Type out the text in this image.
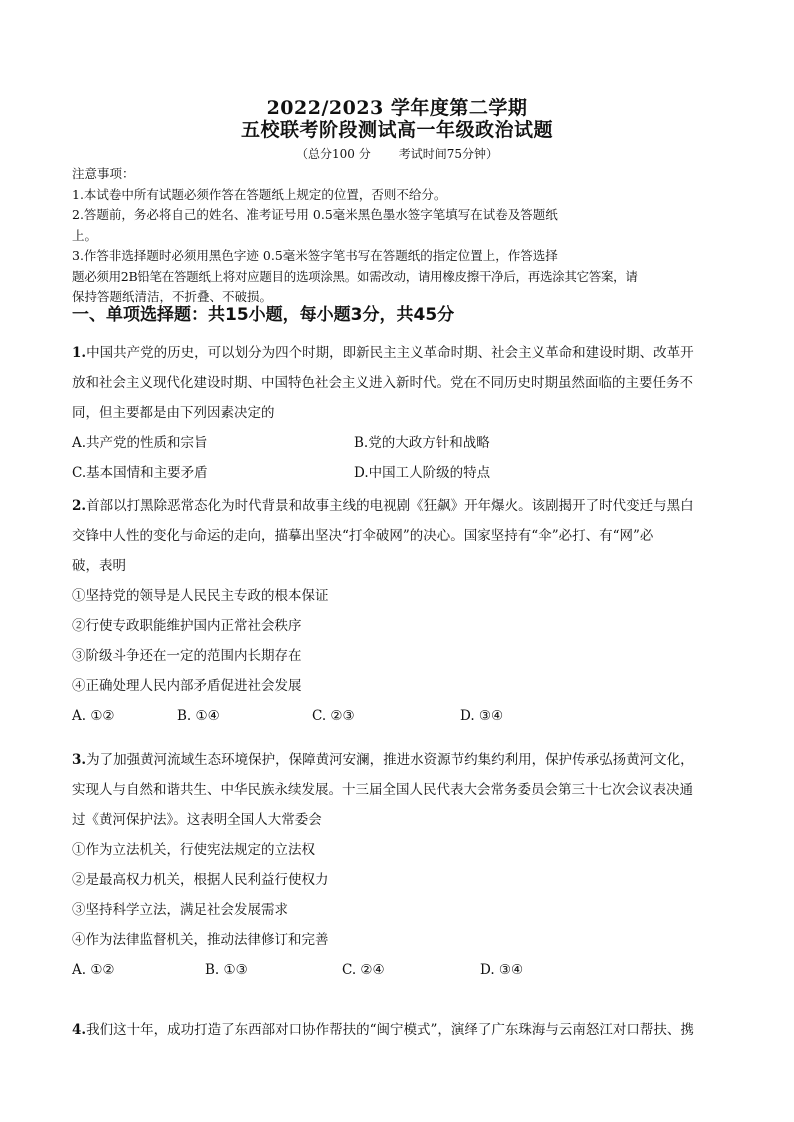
2022/2023 学年度第二学期
五校联考阶段测试高一年级政治试题
（总分100 分 考试时间75分钟）
注意事项：
1.本试卷中所有试题必须作答在答题纸上规定的位置，否则不给分。
2.答题前，务必将自己的姓名、准考证号用 0.5毫米黑色墨水签字笔填写在试卷及答题纸
上。
3.作答非选择题时必须用黑色字迹 0.5毫米签字笔书写在答题纸的指定位置上，作答选择
题必须用2B铅笔在答题纸上将对应题目的选项涂黑。如需改动，请用橡皮擦干净后，再选涂其它答案，请
保持答题纸清洁，不折叠、不破损。
一、单项选择题：共15小题，每小题3分，共45分
1.中国共产党的历史，可以划分为四个时期，即新民主主义革命时期、社会主义革命和建设时期、改革开
放和社会主义现代化建设时期、中国特色社会主义进入新时代。党在不同历史时期虽然面临的主要任务不
同，但主要都是由下列因素决定的
A.共产党的性质和宗旨	B.党的大政方针和战略
C.基本国情和主要矛盾	D.中国工人阶级的特点
2.首部以打黑除恶常态化为时代背景和故事主线的电视剧《狂飙》开年爆火。该剧揭开了时代变迁与黑白
交锋中人性的变化与命运的走向，描摹出坚决“打伞破网”的决心。国家坚持有“伞”必打、有“网”必
破，表明
①坚持党的领导是人民民主专政的根本保证
②行使专政职能维护国内正常社会秩序
③阶级斗争还在一定的范围内长期存在
④正确处理人民内部矛盾促进社会发展
A. ①②	B. ①④	C. ②③	D. ③④
3.为了加强黄河流域生态环境保护，保障黄河安澜，推进水资源节约集约利用，保护传承弘扬黄河文化，
实现人与自然和谐共生、中华民族永续发展。十三届全国人民代表大会常务委员会第三十七次会议表决通
过《黄河保护法》。这表明全国人大常委会
①作为立法机关，行使宪法规定的立法权
②是最高权力机关，根据人民利益行使权力
③坚持科学立法，满足社会发展需求
④作为法律监督机关，推动法律修订和完善
A. ①②	B. ①③	C. ②④	D. ③④
4.我们这十年，成功打造了东西部对口协作帮扶的“闽宁模式”，演绎了广东珠海与云南怒江对口帮扶、携
